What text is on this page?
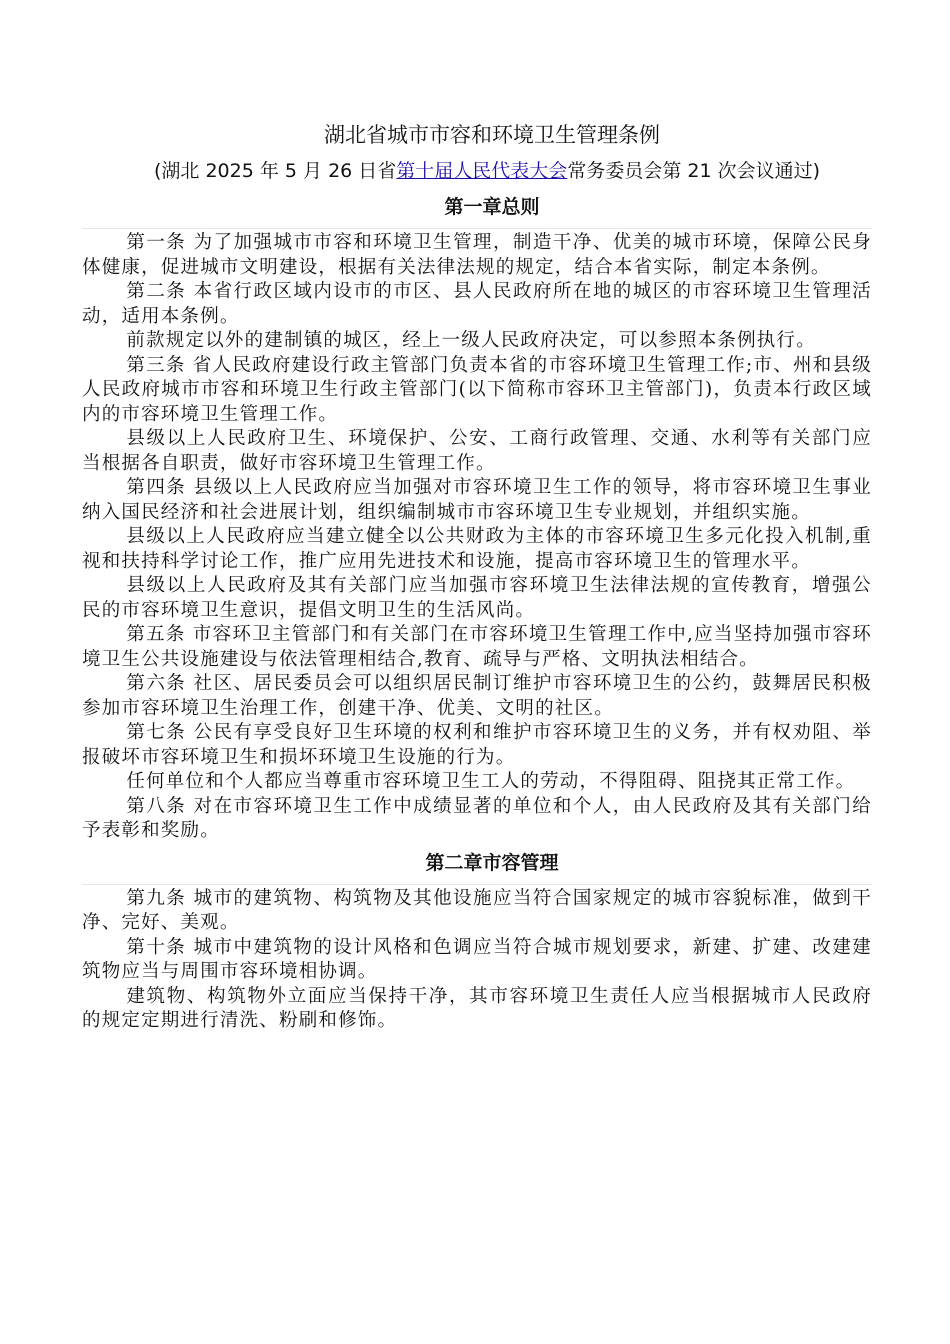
湖北省城市市容和环境卫生管理条例

(湖北 2025 年 5 月 26 日省第十届人民代表大会常务委员会第 21 次会议通过)

第一章总则

第一条 为了加强城市市容和环境卫生管理，制造干净、优美的城市环境，保障公民身体健康，促进城市文明建设，根据有关法律法规的规定，结合本省实际，制定本条例。

第二条 本省行政区域内设市的市区、县人民政府所在地的城区的市容环境卫生管理活动，适用本条例。

前款规定以外的建制镇的城区，经上一级人民政府决定，可以参照本条例执行。

第三条 省人民政府建设行政主管部门负责本省的市容环境卫生管理工作;市、州和县级人民政府城市市容和环境卫生行政主管部门(以下简称市容环卫主管部门)，负责本行政区域内的市容环境卫生管理工作。

县级以上人民政府卫生、环境保护、公安、工商行政管理、交通、水利等有关部门应当根据各自职责，做好市容环境卫生管理工作。

第四条 县级以上人民政府应当加强对市容环境卫生工作的领导，将市容环境卫生事业纳入国民经济和社会进展计划，组织编制城市市容环境卫生专业规划，并组织实施。

县级以上人民政府应当建立健全以公共财政为主体的市容环境卫生多元化投入机制,重视和扶持科学讨论工作，推广应用先进技术和设施，提高市容环境卫生的管理水平。

县级以上人民政府及其有关部门应当加强市容环境卫生法律法规的宣传教育，增强公民的市容环境卫生意识，提倡文明卫生的生活风尚。

第五条 市容环卫主管部门和有关部门在市容环境卫生管理工作中,应当坚持加强市容环境卫生公共设施建设与依法管理相结合,教育、疏导与严格、文明执法相结合。

第六条 社区、居民委员会可以组织居民制订维护市容环境卫生的公约，鼓舞居民积极参加市容环境卫生治理工作，创建干净、优美、文明的社区。

第七条 公民有享受良好卫生环境的权利和维护市容环境卫生的义务，并有权劝阻、举报破坏市容环境卫生和损坏环境卫生设施的行为。

任何单位和个人都应当尊重市容环境卫生工人的劳动，不得阻碍、阻挠其正常工作。

第八条 对在市容环境卫生工作中成绩显著的单位和个人，由人民政府及其有关部门给予表彰和奖励。

第二章市容管理

第九条 城市的建筑物、构筑物及其他设施应当符合国家规定的城市容貌标准，做到干净、完好、美观。

第十条 城市中建筑物的设计风格和色调应当符合城市规划要求，新建、扩建、改建建筑物应当与周围市容环境相协调。

建筑物、构筑物外立面应当保持干净，其市容环境卫生责任人应当根据城市人民政府的规定定期进行清洗、粉刷和修饰。
